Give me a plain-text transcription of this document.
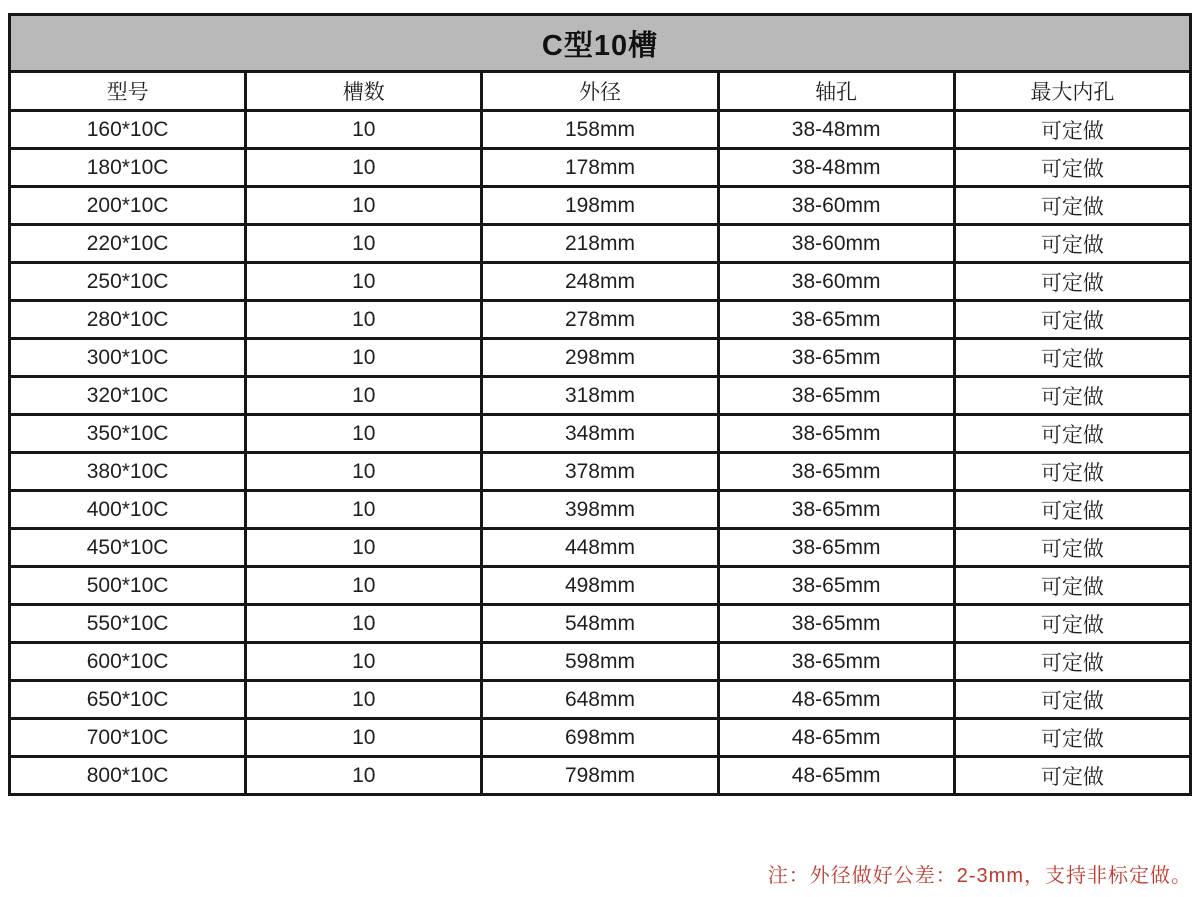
C型10槽				
型号	槽数	外径	轴孔	最大内孔
160*10C	10	158mm	38-48mm	可定做
180*10C	10	178mm	38-48mm	可定做
200*10C	10	198mm	38-60mm	可定做
220*10C	10	218mm	38-60mm	可定做
250*10C	10	248mm	38-60mm	可定做
280*10C	10	278mm	38-65mm	可定做
300*10C	10	298mm	38-65mm	可定做
320*10C	10	318mm	38-65mm	可定做
350*10C	10	348mm	38-65mm	可定做
380*10C	10	378mm	38-65mm	可定做
400*10C	10	398mm	38-65mm	可定做
450*10C	10	448mm	38-65mm	可定做
500*10C	10	498mm	38-65mm	可定做
550*10C	10	548mm	38-65mm	可定做
600*10C	10	598mm	38-65mm	可定做
650*10C	10	648mm	48-65mm	可定做
700*10C	10	698mm	48-65mm	可定做
800*10C	10	798mm	48-65mm	可定做
注：外径做好公差：2-3mm，支持非标定做。
